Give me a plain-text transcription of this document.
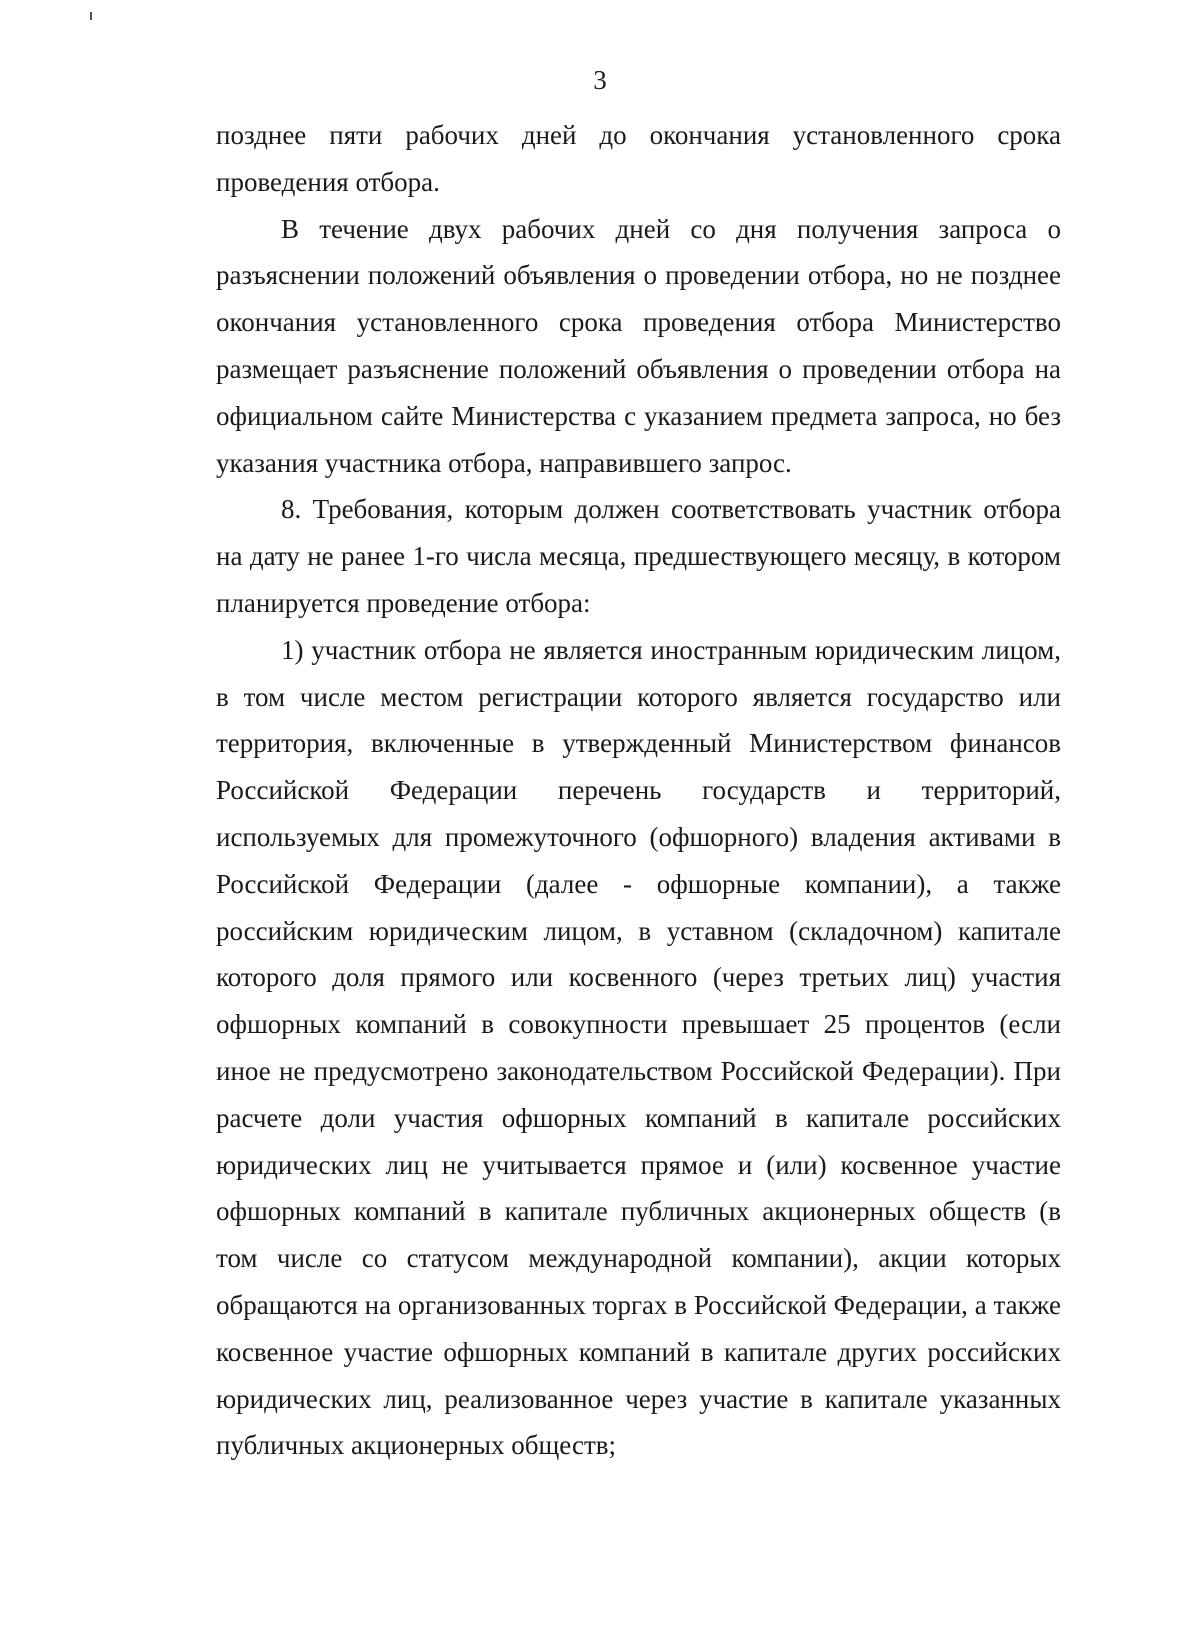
3

позднее пяти рабочих дней до окончания установленного срока проведения отбора.

В течение двух рабочих дней со дня получения запроса о разъяснении положений объявления о проведении отбора, но не позднее окончания установленного срока проведения отбора Министерство размещает разъяснение положений объявления о проведении отбора на официальном сайте Министерства с указанием предмета запроса, но без указания участника отбора, направившего запрос.

8. Требования, которым должен соответствовать участник отбора на дату не ранее 1-го числа месяца, предшествующего месяцу, в котором планируется проведение отбора:

1) участник отбора не является иностранным юридическим лицом, в том числе местом регистрации которого является государство или территория, включенные в утвержденный Министерством финансов Российской Федерации перечень государств и территорий, используемых для промежуточного (офшорного) владения активами в Российской Федерации (далее - офшорные компании), а также российским юридическим лицом, в уставном (складочном) капитале которого доля прямого или косвенного (через третьих лиц) участия офшорных компаний в совокупности превышает 25 процентов (если иное не предусмотрено законодательством Российской Федерации). При расчете доли участия офшорных компаний в капитале российских юридических лиц не учитывается прямое и (или) косвенное участие офшорных компаний в капитале публичных акционерных обществ (в том числе со статусом международной компании), акции которых обращаются на организованных торгах в Российской Федерации, а также косвенное участие офшорных компаний в капитале других российских юридических лиц, реализованное через участие в капитале указанных публичных акционерных обществ;
